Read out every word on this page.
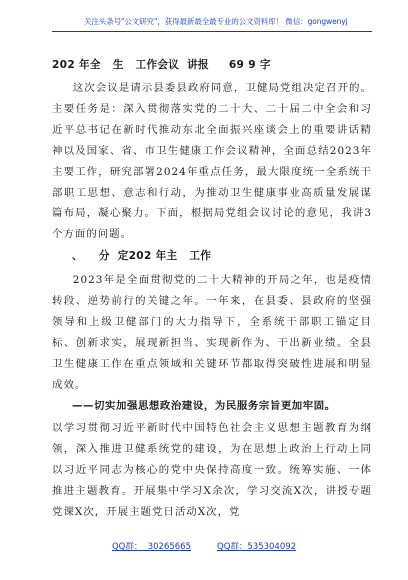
关注头条号"公文研究"，获得最新最全最专业的公文资料库！ 微信：gongwenyj
202 年全   生   工作会议  讲报     69 9 字
这次会议是请示县委县政府同意，卫健局党组决定召开的。主要任务是：深入贯彻落实党的二十大、二十届二中全会和习近平总书记在新时代推动东北全面振兴座谈会上的重要讲话精神以及国家、省、市卫生健康工作会议精神，全面总结2023年主要工作，研究部署2024年重点任务，最大限度统一全系统干部职工思想、意志和行动，为推动卫生健康事业高质量发展谋篇布局，凝心聚力。下面，根据局党组会议讨论的意见，我讲3个方面的问题。
、    分  定202 年主   工作
2023年是全面贯彻党的二十大精神的开局之年，也是疫情转段、逆势前行的关键之年。一年来，在县委、县政府的坚强领导和上级卫健部门的大力指导下，全系统干部职工锚定目标、创新求实，展现新担当、实现新作为、干出新业绩。全县卫生健康工作在重点领域和关键环节都取得突破性进展和明显成效。
——切实加强思想政治建设，为民服务宗旨更加牢固。
以学习贯彻习近平新时代中国特色社会主义思想主题教育为纲领，深入推进卫健系统党的建设，为在思想上政治上行动上同以习近平同志为核心的党中央保持高度一致。统筹实施、一体推进主题教育。开展集中学习X余次，学习交流X次，讲授专题党课X次，开展主题党日活动X次，党
QQ群：  30265665	QQ群：535304092
